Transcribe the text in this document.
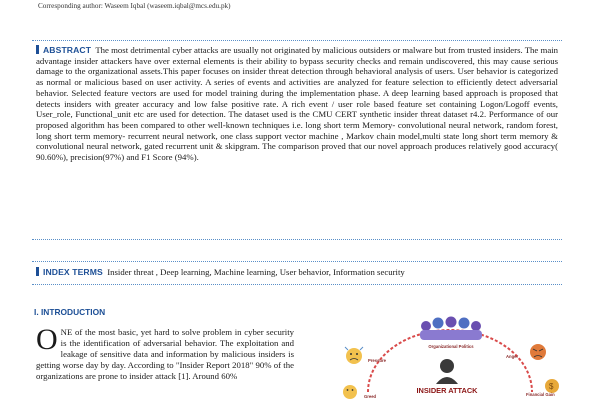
Corresponding author: Waseem Iqbal (waseem.iqbal@mcs.edu.pk)
ABSTRACT The most detrimental cyber attacks are usually not originated by malicious outsiders or malware but from trusted insiders. The main advantage insider attackers have over external elements is their ability to bypass security checks and remain undiscovered, this may cause serious damage to the organizational assets.This paper focuses on insider threat detection through behavioral analysis of users. User behavior is categorized as normal or malicious based on user activity. A series of events and activities are analyzed for feature selection to efficiently detect adversarial behavior. Selected feature vectors are used for model training during the implementation phase. A deep learning based approach is proposed that detects insiders with greater accuracy and low false positive rate. A rich event / user role based feature set containing Logon/Logoff events, User_role, Functional_unit etc are used for detection. The dataset used is the CMU CERT synthetic insider threat dataset r4.2. Performance of our proposed algorithm has been compared to other well-known techniques i.e. long short term Memory- convolutional neural network, random forest, long short term memory- recurrent neural network, one class support vector machine , Markov chain model,multi state long short term memory & convolutional neural network, gated recurrent unit & skipgram. The comparison proved that our novel approach produces relatively good accuracy( 90.60%), precision(97%) and F1 Score (94%).
INDEX TERMS Insider threat , Deep learning, Machine learning, User behavior, Information security
I. INTRODUCTION
ONE of the most basic, yet hard to solve problem in cyber security is the identification of adversarial behavior. The exploitation and leakage of sensitive data and information by malicious insiders is getting worse day by day. According to "Insider Report 2018" 90% of the organizations are prone to insider attack [1]. Around 60%
$
Organizational Politics
Pressure
Anger
Financial Gain
Greed
INSIDER ATTACK
